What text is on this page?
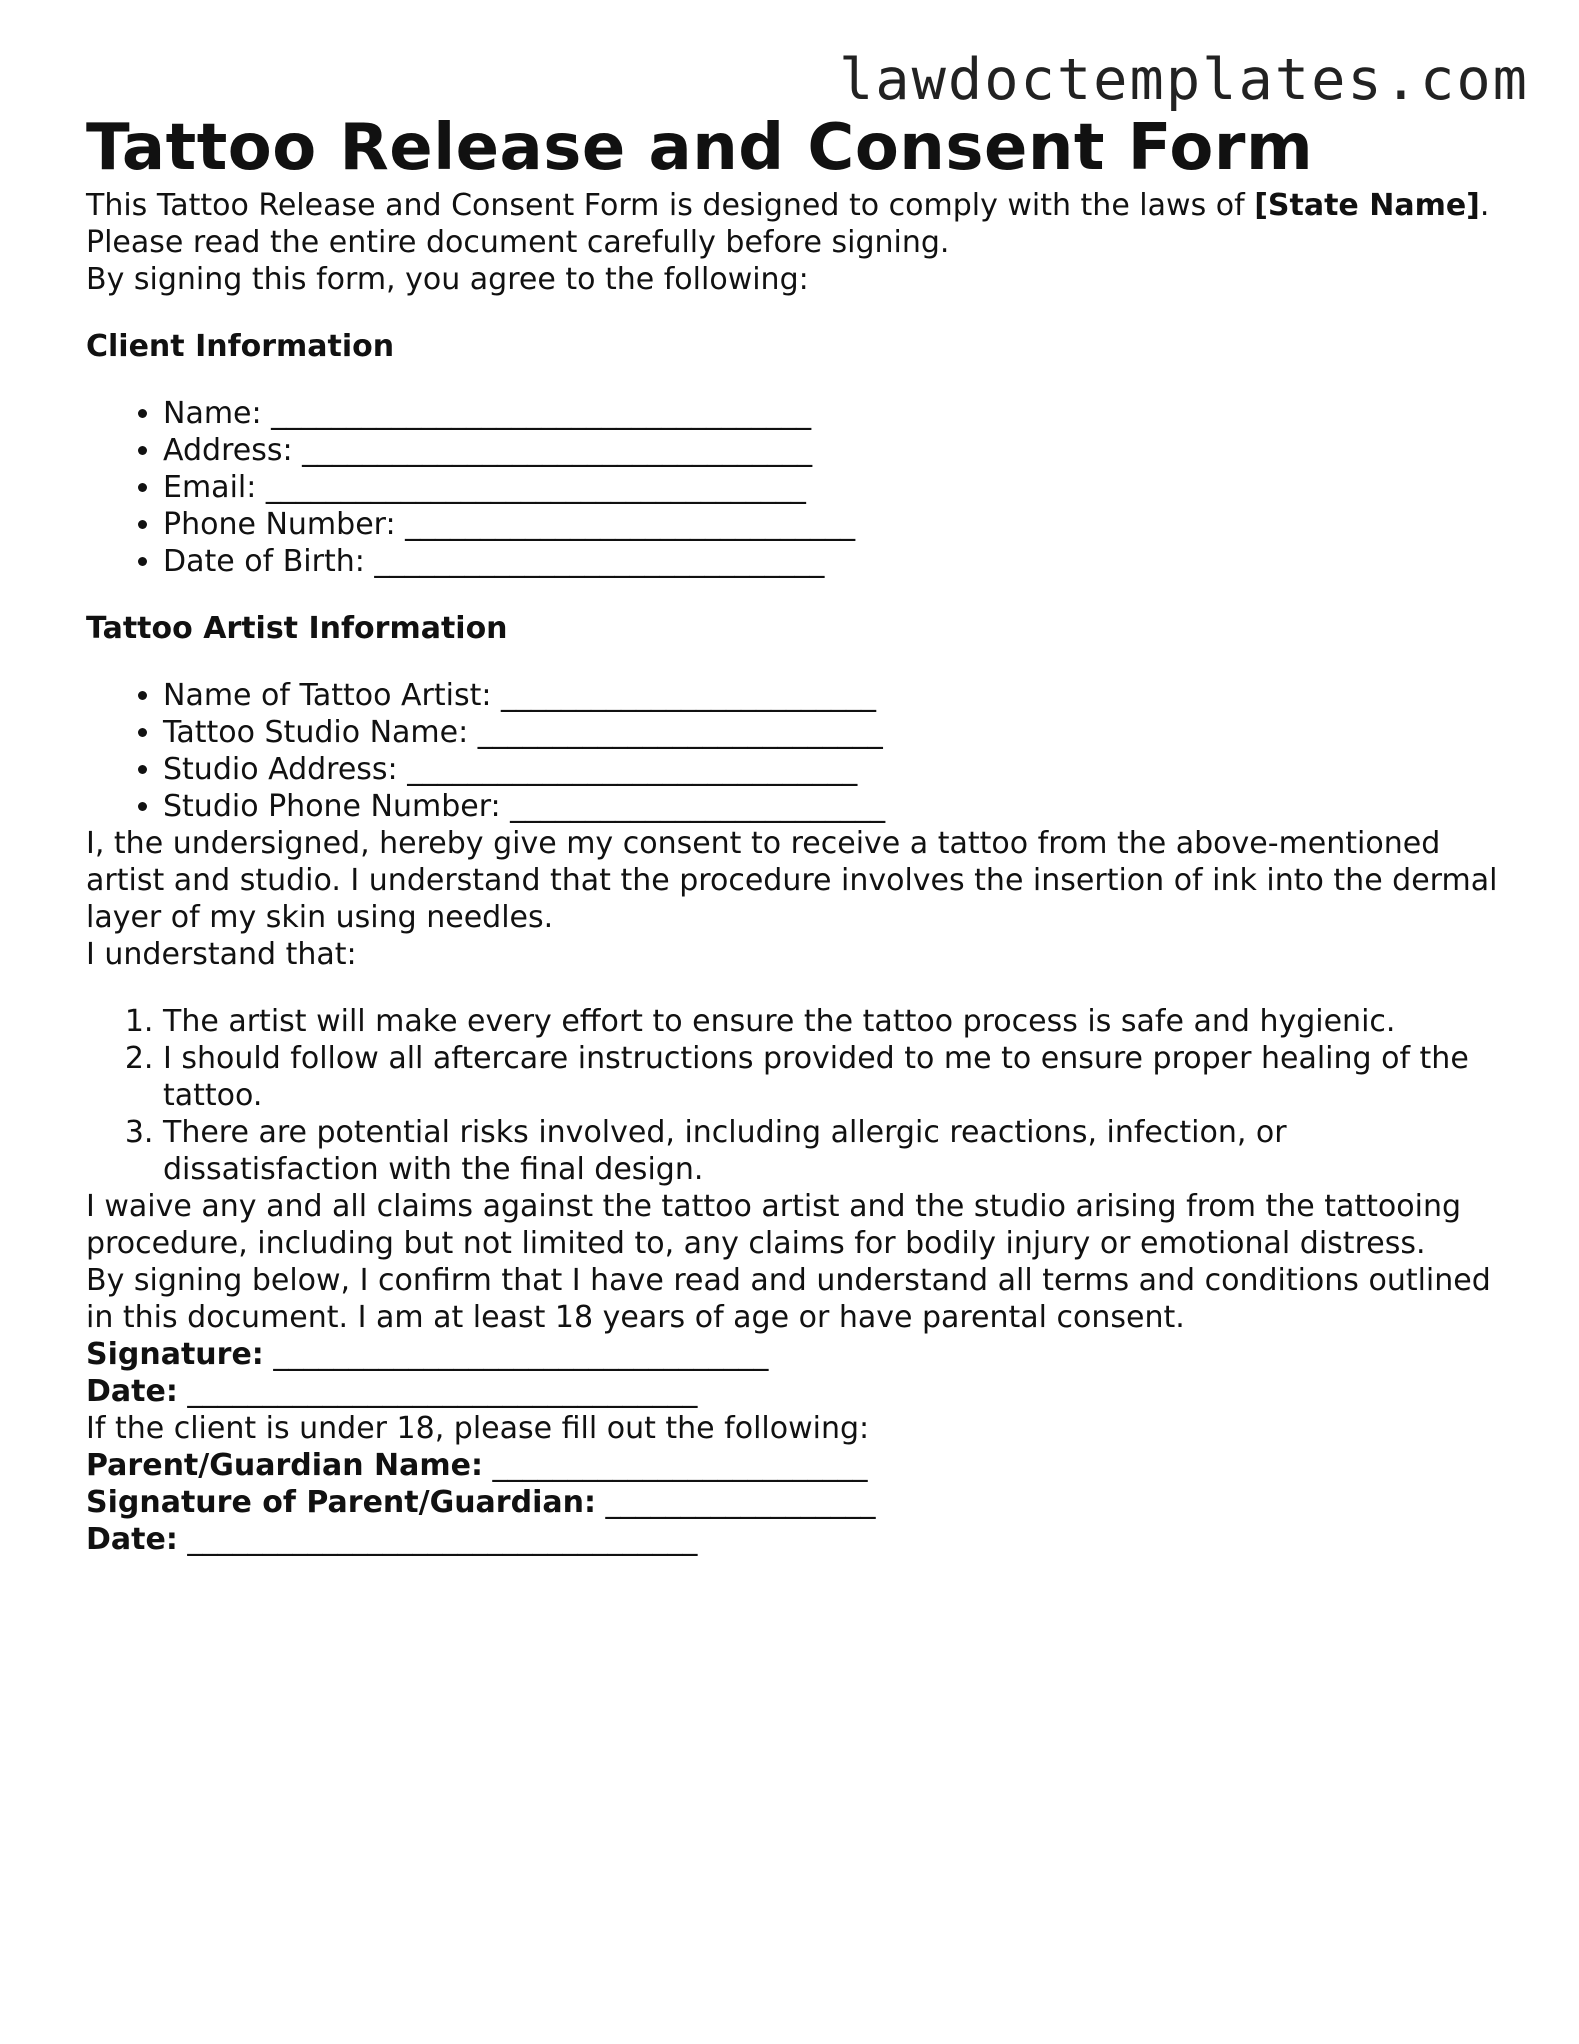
lawdoctemplates.com
Tattoo Release and Consent Form

This Tattoo Release and Consent Form is designed to comply with the laws of [State Name]. Please read the entire document carefully before signing.

By signing this form, you agree to the following:

Client Information

• Name: ____________________________________
• Address: __________________________________
• Email: ____________________________________
• Phone Number: ______________________________
• Date of Birth: ______________________________

Tattoo Artist Information

• Name of Tattoo Artist: _________________________
• Tattoo Studio Name: ___________________________
• Studio Address: ______________________________
• Studio Phone Number: _________________________

I, the undersigned, hereby give my consent to receive a tattoo from the above-mentioned artist and studio. I understand that the procedure involves the insertion of ink into the dermal layer of my skin using needles.

I understand that:

1. The artist will make every effort to ensure the tattoo process is safe and hygienic.
2. I should follow all aftercare instructions provided to me to ensure proper healing of the tattoo.
3. There are potential risks involved, including allergic reactions, infection, or dissatisfaction with the final design.

I waive any and all claims against the tattoo artist and the studio arising from the tattooing procedure, including but not limited to, any claims for bodily injury or emotional distress.

By signing below, I confirm that I have read and understand all terms and conditions outlined in this document. I am at least 18 years of age or have parental consent.

Signature: _________________________________

Date: __________________________________

If the client is under 18, please fill out the following:

Parent/Guardian Name: _________________________

Signature of Parent/Guardian: __________________

Date: __________________________________
